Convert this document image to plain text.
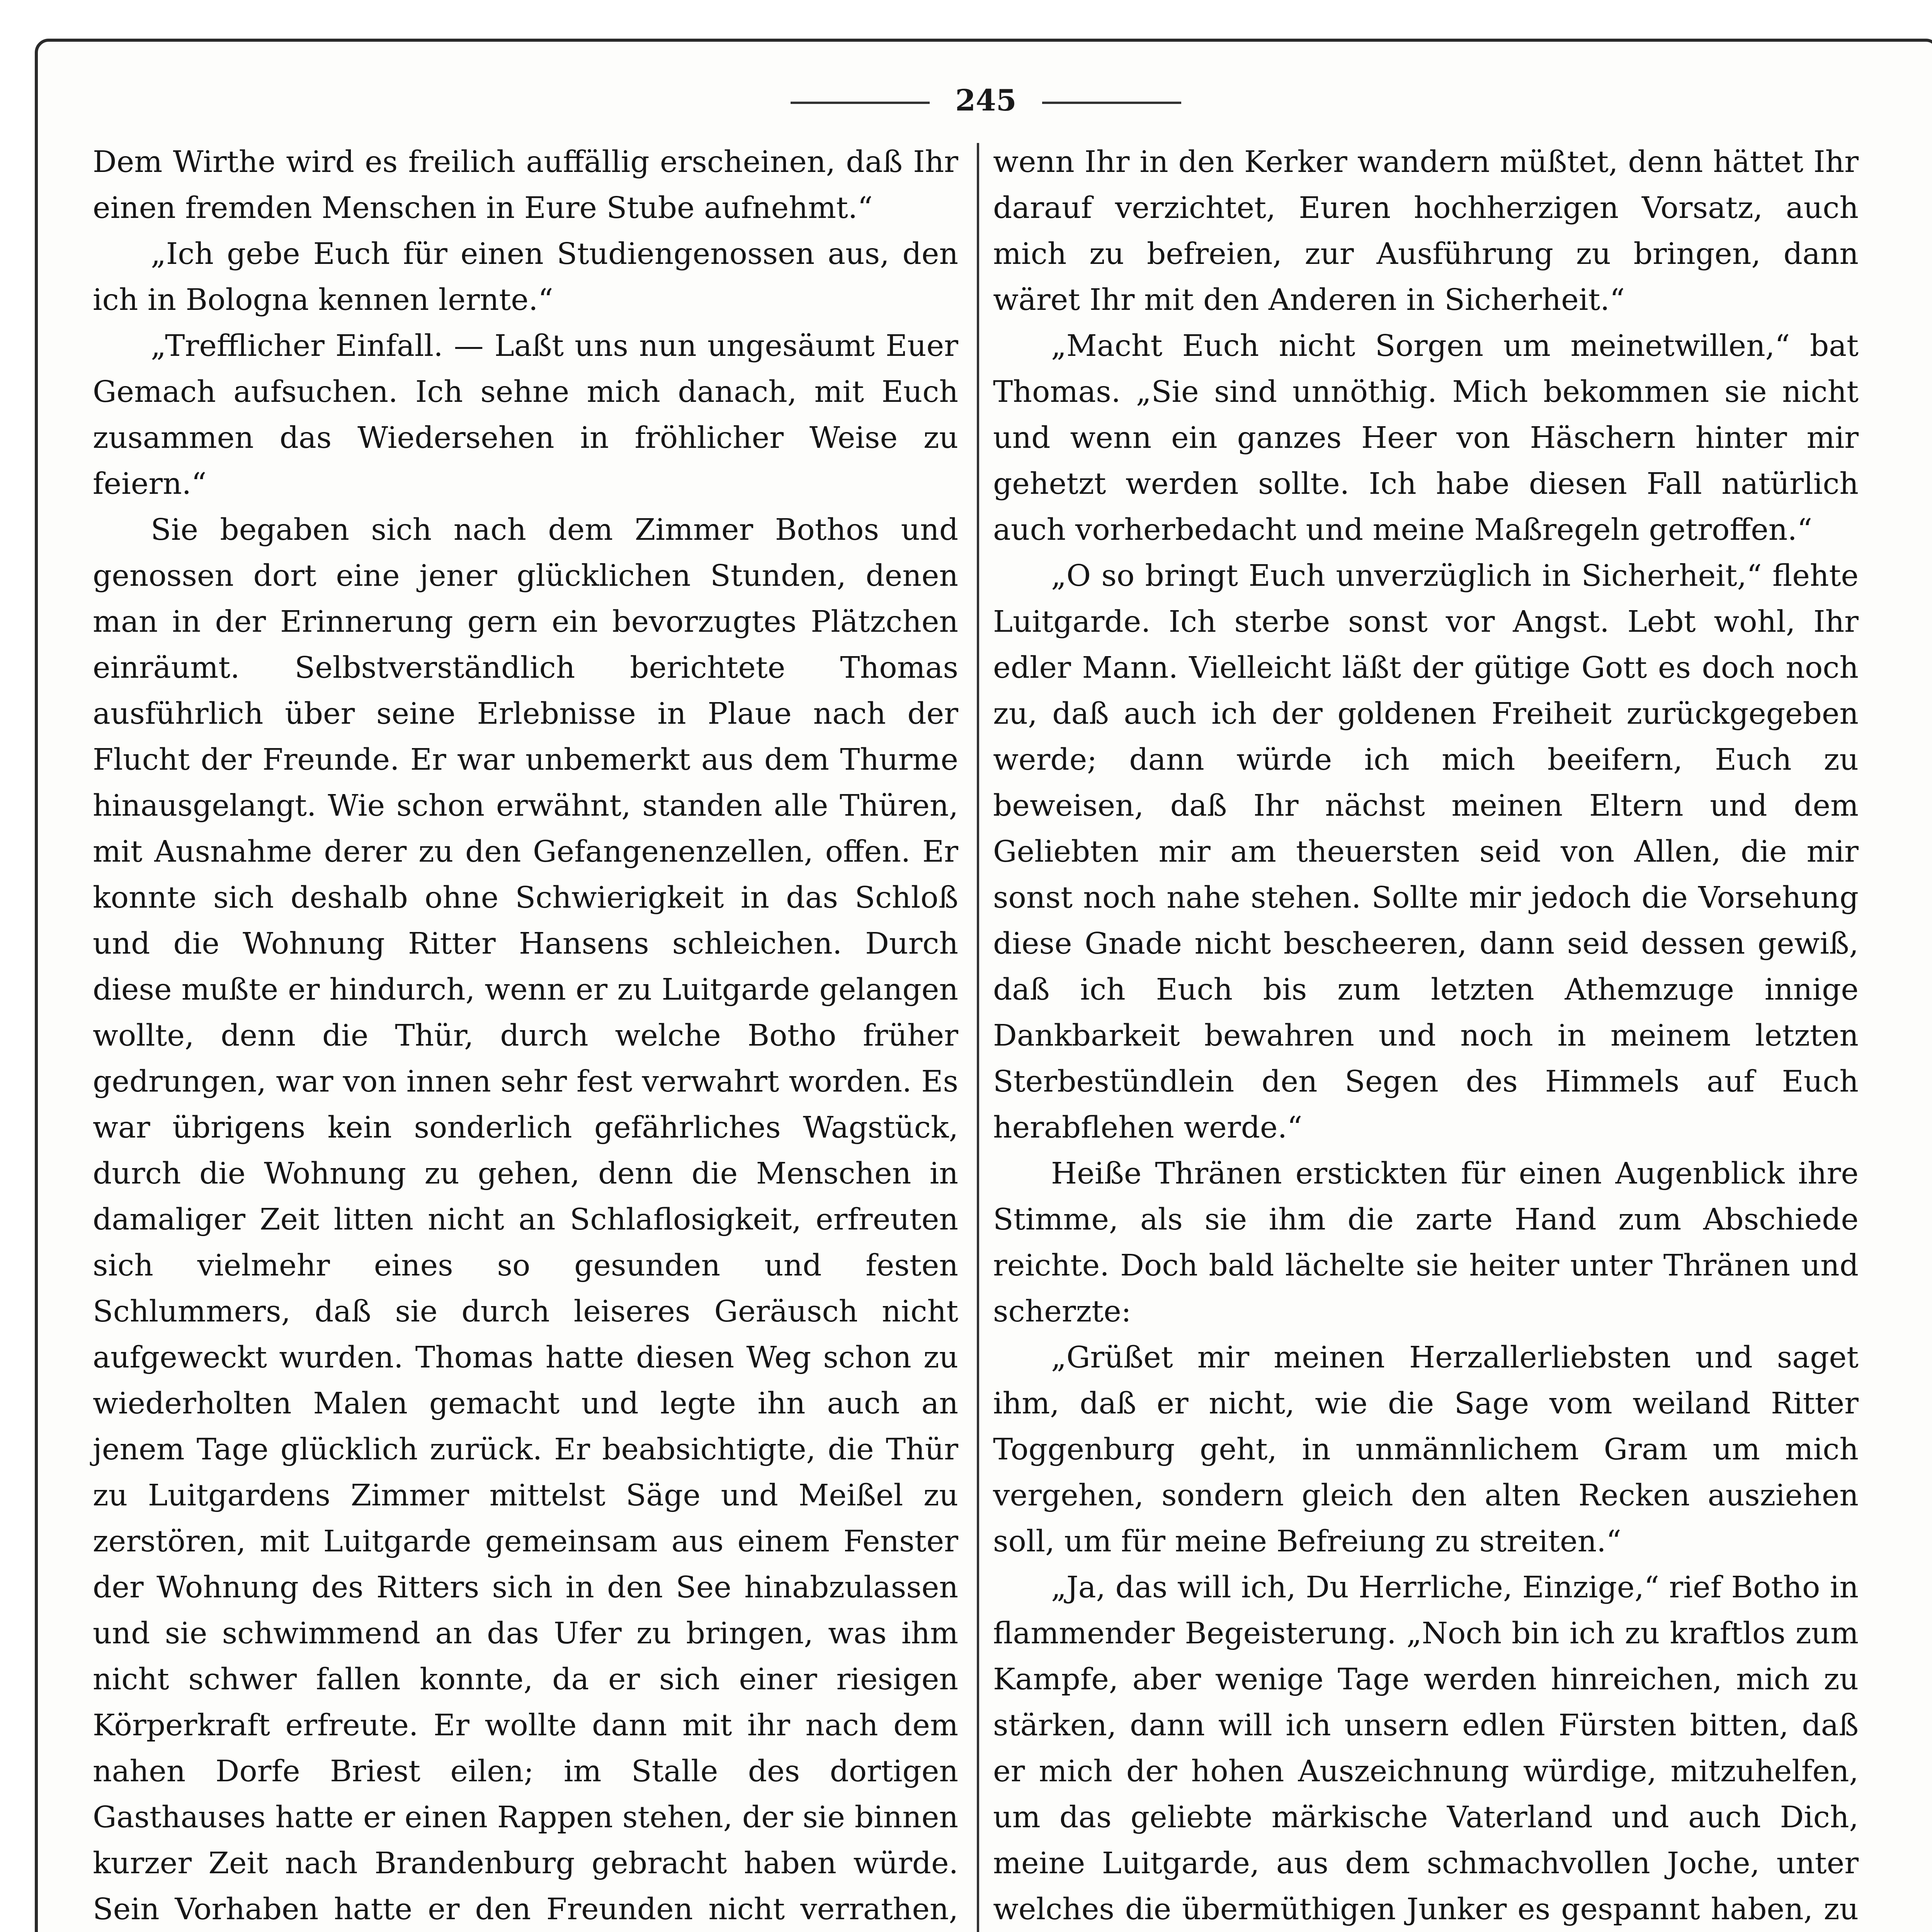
245

Dem Wirthe wird es freilich auffällig erscheinen, daß Ihr einen fremden Menschen in Eure Stube aufnehmt.“

„Ich gebe Euch für einen Studiengenossen aus, den ich in Bologna kennen lernte.“

„Trefflicher Einfall. — Laßt uns nun ungesäumt Euer Gemach aufsuchen. Ich sehne mich danach, mit Euch zusammen das Wiedersehen in fröhlicher Weise zu feiern.“

Sie begaben sich nach dem Zimmer Bothos und genossen dort eine jener glücklichen Stunden, denen man in der Erinnerung gern ein bevorzugtes Plätzchen einräumt. Selbstverständlich berichtete Thomas ausführlich über seine Erlebnisse in Plaue nach der Flucht der Freunde. Er war unbemerkt aus dem Thurme hinausgelangt. Wie schon erwähnt, standen alle Thüren, mit Ausnahme derer zu den Gefangenenzellen, offen. Er konnte sich deshalb ohne Schwierigkeit in das Schloß und die Wohnung Ritter Hansens schleichen. Durch diese mußte er hindurch, wenn er zu Luitgarde gelangen wollte, denn die Thür, durch welche Botho früher gedrungen, war von innen sehr fest verwahrt worden. Es war übrigens kein sonderlich gefährliches Wagstück, durch die Wohnung zu gehen, denn die Menschen in damaliger Zeit litten nicht an Schlaflosigkeit, erfreuten sich vielmehr eines so gesunden und festen Schlummers, daß sie durch leiseres Geräusch nicht aufgeweckt wurden. Thomas hatte diesen Weg schon zu wiederholten Malen gemacht und legte ihn auch an jenem Tage glücklich zurück. Er beabsichtigte, die Thür zu Luitgardens Zimmer mittelst Säge und Meißel zu zerstören, mit Luitgarde gemeinsam aus einem Fenster der Wohnung des Ritters sich in den See hinabzulassen und sie schwimmend an das Ufer zu bringen, was ihm nicht schwer fallen konnte, da er sich einer riesigen Körperkraft erfreute. Er wollte dann mit ihr nach dem nahen Dorfe Briest eilen; im Stalle des dortigen Gasthauses hatte er einen Rappen stehen, der sie binnen kurzer Zeit nach Brandenburg gebracht haben würde. Sein Vorhaben hatte er den Freunden nicht verrathen,

wenn Ihr in den Kerker wandern müßtet, denn hättet Ihr darauf verzichtet, Euren hochherzigen Vorsatz, auch mich zu befreien, zur Ausführung zu bringen, dann wäret Ihr mit den Anderen in Sicherheit.“

„Macht Euch nicht Sorgen um meinetwillen,“ bat Thomas. „Sie sind unnöthig. Mich bekommen sie nicht und wenn ein ganzes Heer von Häschern hinter mir gehetzt werden sollte. Ich habe diesen Fall natürlich auch vorherbedacht und meine Maßregeln getroffen.“

„O so bringt Euch unverzüglich in Sicherheit,“ flehte Luitgarde. Ich sterbe sonst vor Angst. Lebt wohl, Ihr edler Mann. Vielleicht läßt der gütige Gott es doch noch zu, daß auch ich der goldenen Freiheit zurückgegeben werde; dann würde ich mich beeifern, Euch zu beweisen, daß Ihr nächst meinen Eltern und dem Geliebten mir am theuersten seid von Allen, die mir sonst noch nahe stehen. Sollte mir jedoch die Vorsehung diese Gnade nicht bescheeren, dann seid dessen gewiß, daß ich Euch bis zum letzten Athemzuge innige Dankbarkeit bewahren und noch in meinem letzten Sterbestündlein den Segen des Himmels auf Euch herabflehen werde.“

Heiße Thränen erstickten für einen Augenblick ihre Stimme, als sie ihm die zarte Hand zum Abschiede reichte. Doch bald lächelte sie heiter unter Thränen und scherzte:

„Grüßet mir meinen Herzallerliebsten und saget ihm, daß er nicht, wie die Sage vom weiland Ritter Toggenburg geht, in unmännlichem Gram um mich vergehen, sondern gleich den alten Recken ausziehen soll, um für meine Befreiung zu streiten.“

„Ja, das will ich, Du Herrliche, Einzige,“ rief Botho in flammender Begeisterung. „Noch bin ich zu kraftlos zum Kampfe, aber wenige Tage werden hinreichen, mich zu stärken, dann will ich unsern edlen Fürsten bitten, daß er mich der hohen Auszeichnung würdige, mitzuhelfen, um das geliebte märkische Vaterland und auch Dich, meine Luitgarde, aus dem schmachvollen Joche, unter welches die übermüthigen Junker es gespannt haben, zu
